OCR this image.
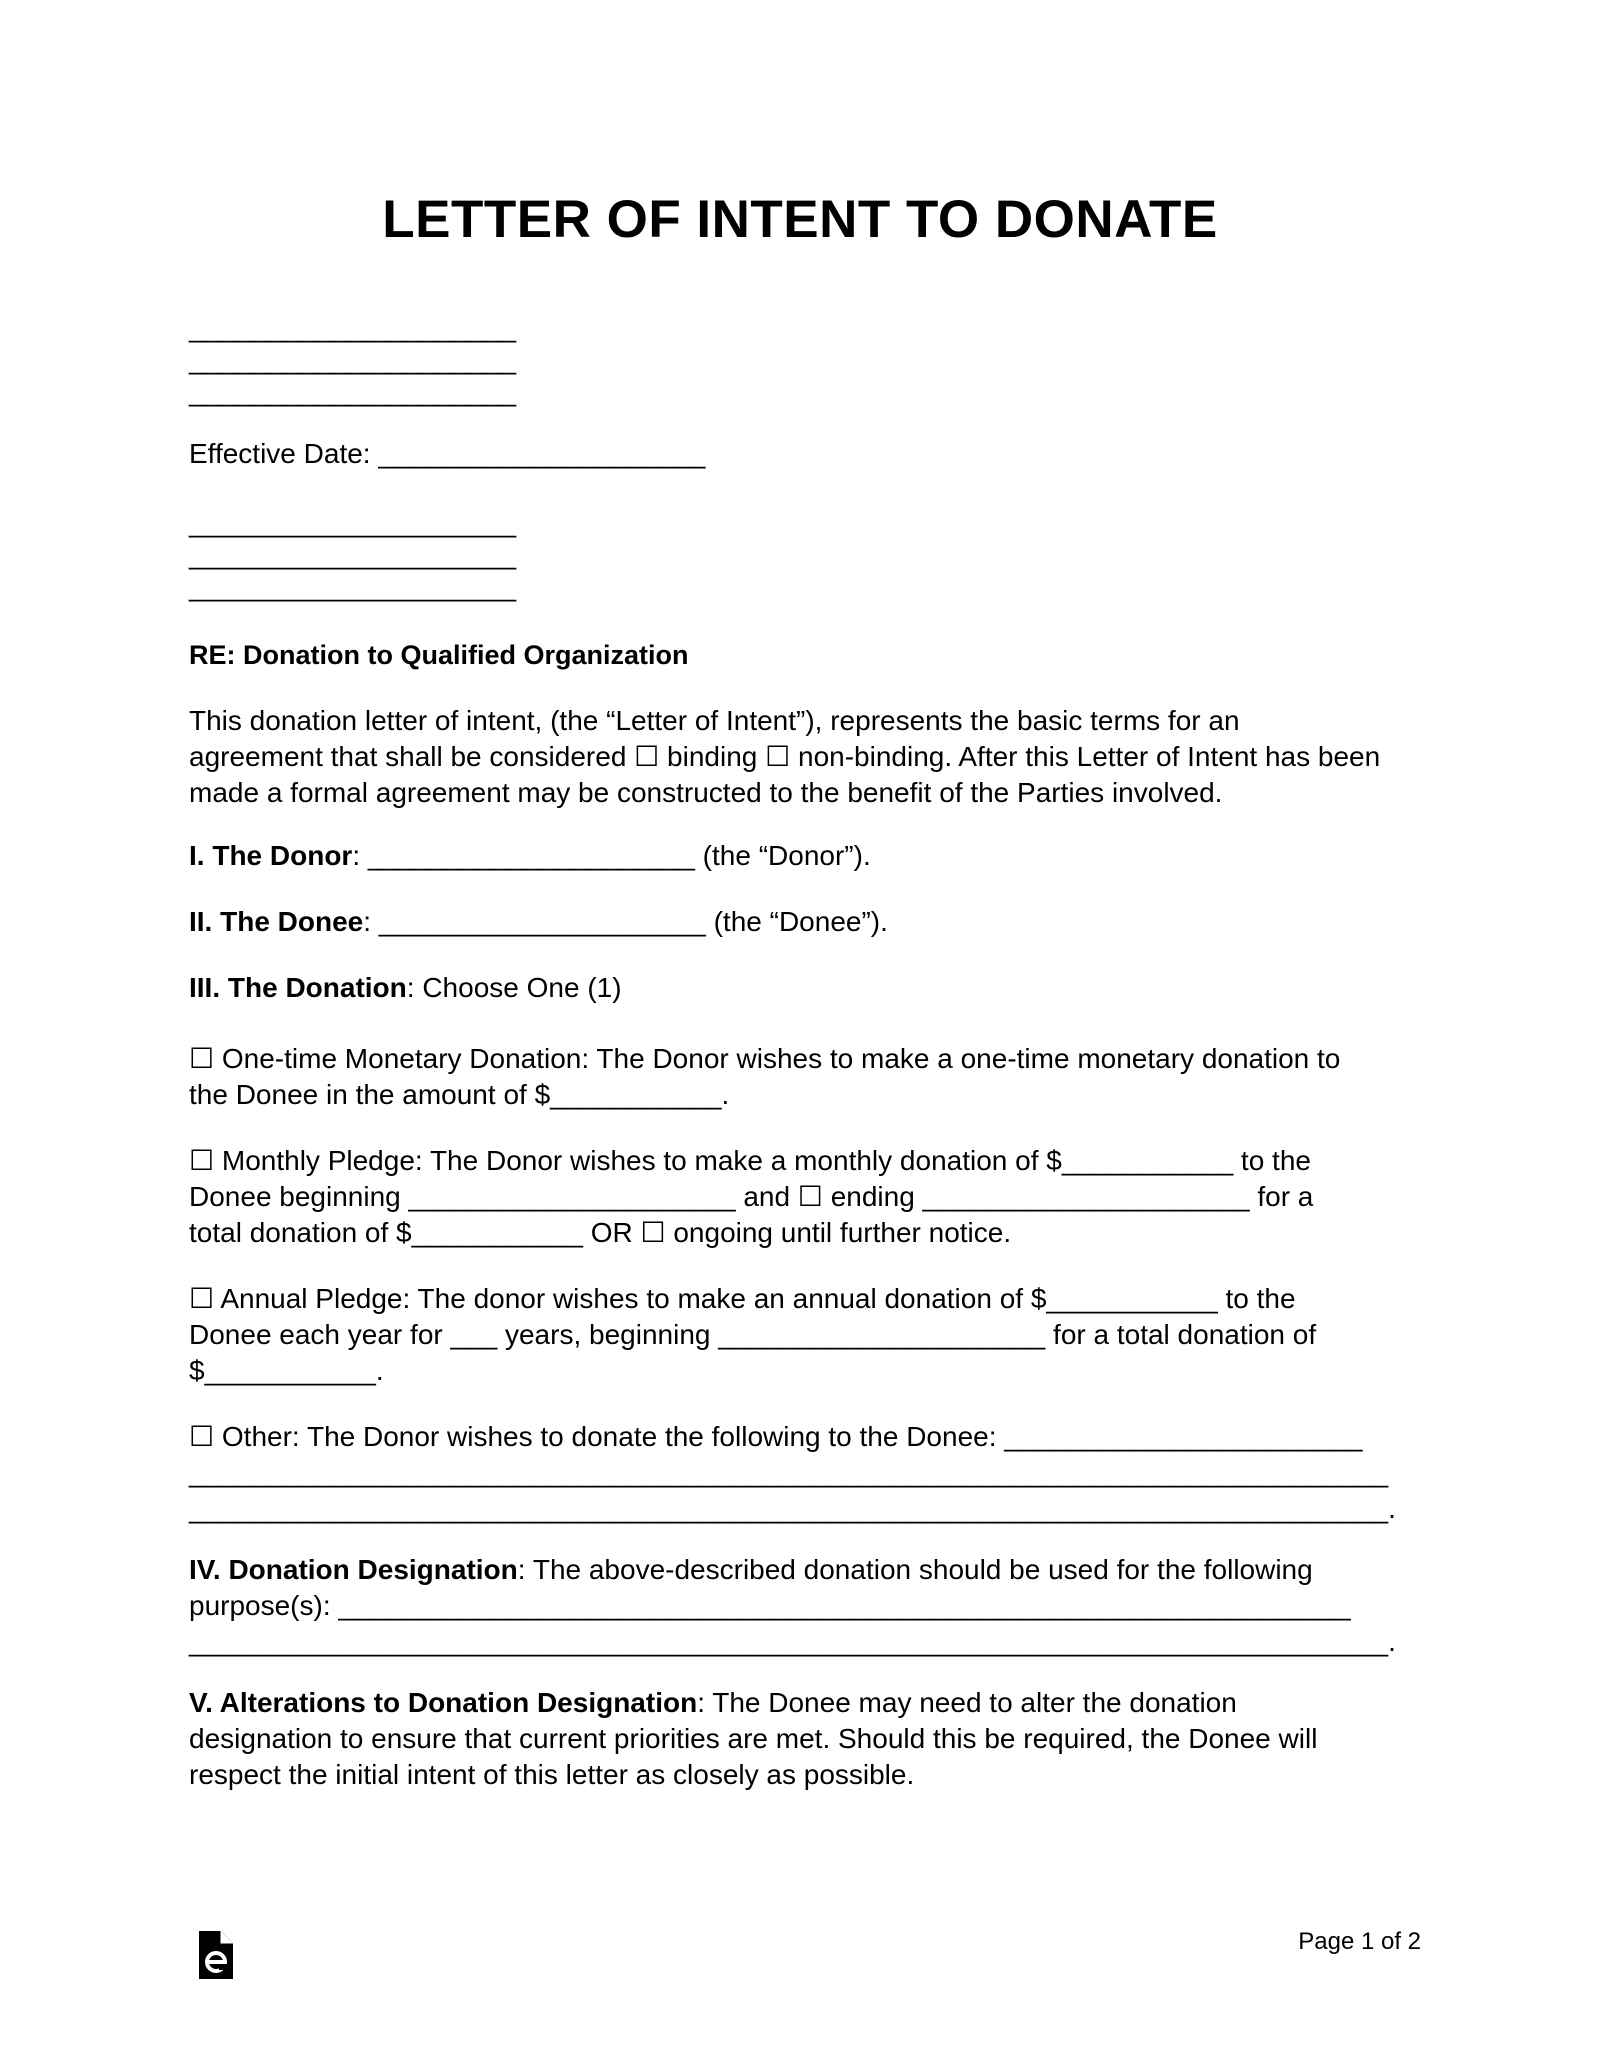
LETTER OF INTENT TO DONATE
_____________________
_____________________
_____________________
Effective Date: _____________________
_____________________
_____________________
_____________________
RE: Donation to Qualified Organization
This donation letter of intent, (the “Letter of Intent”), represents the basic terms for an
agreement that shall be considered ☐ binding ☐ non-binding. After this Letter of Intent has been
made a formal agreement may be constructed to the benefit of the Parties involved.
I. The Donor: _____________________ (the “Donor”).
II. The Donee: _____________________ (the “Donee”).
III. The Donation: Choose One (1)
☐ One-time Monetary Donation: The Donor wishes to make a one-time monetary donation to
the Donee in the amount of $___________.
☐ Monthly Pledge: The Donor wishes to make a monthly donation of $___________ to the
Donee beginning _____________________ and ☐ ending _____________________ for a
total donation of $___________ OR ☐ ongoing until further notice.
☐ Annual Pledge: The donor wishes to make an annual donation of $___________ to the
Donee each year for ___ years, beginning _____________________ for a total donation of
$___________.
☐ Other: The Donor wishes to donate the following to the Donee: _______________________
_____________________________________________________________________________
_____________________________________________________________________________.
IV. Donation Designation: The above-described donation should be used for the following
purpose(s): _________________________________________________________________
_____________________________________________________________________________.
V. Alterations to Donation Designation: The Donee may need to alter the donation
designation to ensure that current priorities are met. Should this be required, the Donee will
respect the initial intent of this letter as closely as possible.
Page 1 of 2
